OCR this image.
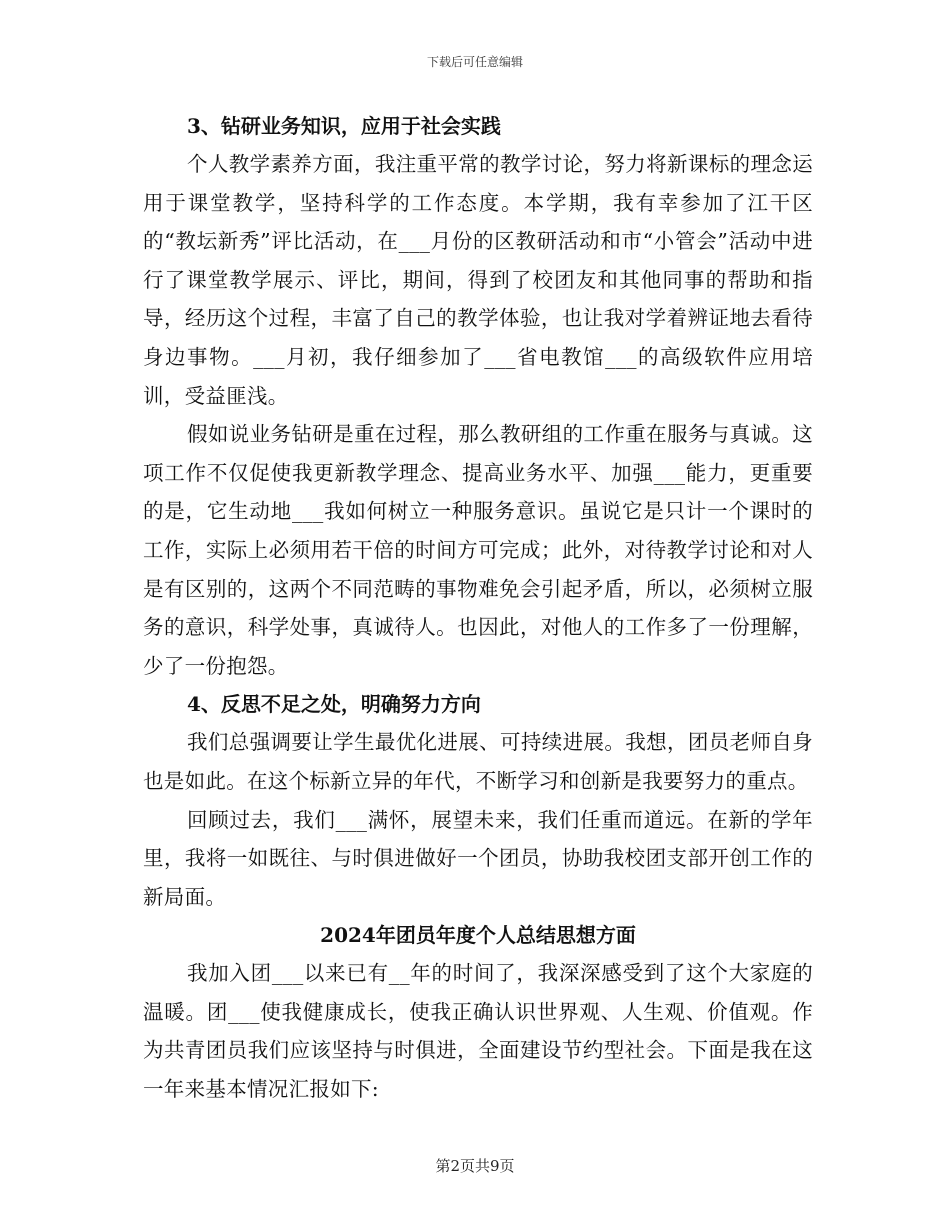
下载后可任意编辑

3、钻研业务知识，应用于社会实践

个人教学素养方面，我注重平常的教学讨论，努力将新课标的理念运用于课堂教学，坚持科学的工作态度。本学期，我有幸参加了江干区的“教坛新秀”评比活动，在___月份的区教研活动和市“小管会”活动中进行了课堂教学展示、评比，期间，得到了校团友和其他同事的帮助和指导，经历这个过程，丰富了自己的教学体验，也让我对学着辨证地去看待身边事物。___月初，我仔细参加了___省电教馆___的高级软件应用培训，受益匪浅。

假如说业务钻研是重在过程，那么教研组的工作重在服务与真诚。这项工作不仅促使我更新教学理念、提高业务水平、加强___能力，更重要的是，它生动地___我如何树立一种服务意识。虽说它是只计一个课时的工作，实际上必须用若干倍的时间方可完成；此外，对待教学讨论和对人是有区别的，这两个不同范畴的事物难免会引起矛盾，所以，必须树立服务的意识，科学处事，真诚待人。也因此，对他人的工作多了一份理解，少了一份抱怨。

4、反思不足之处，明确努力方向

我们总强调要让学生最优化进展、可持续进展。我想，团员老师自身也是如此。在这个标新立异的年代，不断学习和创新是我要努力的重点。

回顾过去，我们___满怀，展望未来，我们任重而道远。在新的学年里，我将一如既往、与时俱进做好一个团员，协助我校团支部开创工作的新局面。

2024年团员年度个人总结思想方面

我加入团___以来已有__年的时间了，我深深感受到了这个大家庭的温暖。团___使我健康成长，使我正确认识世界观、人生观、价值观。作为共青团员我们应该坚持与时俱进，全面建设节约型社会。下面是我在这一年来基本情况汇报如下:

第2页共9页
